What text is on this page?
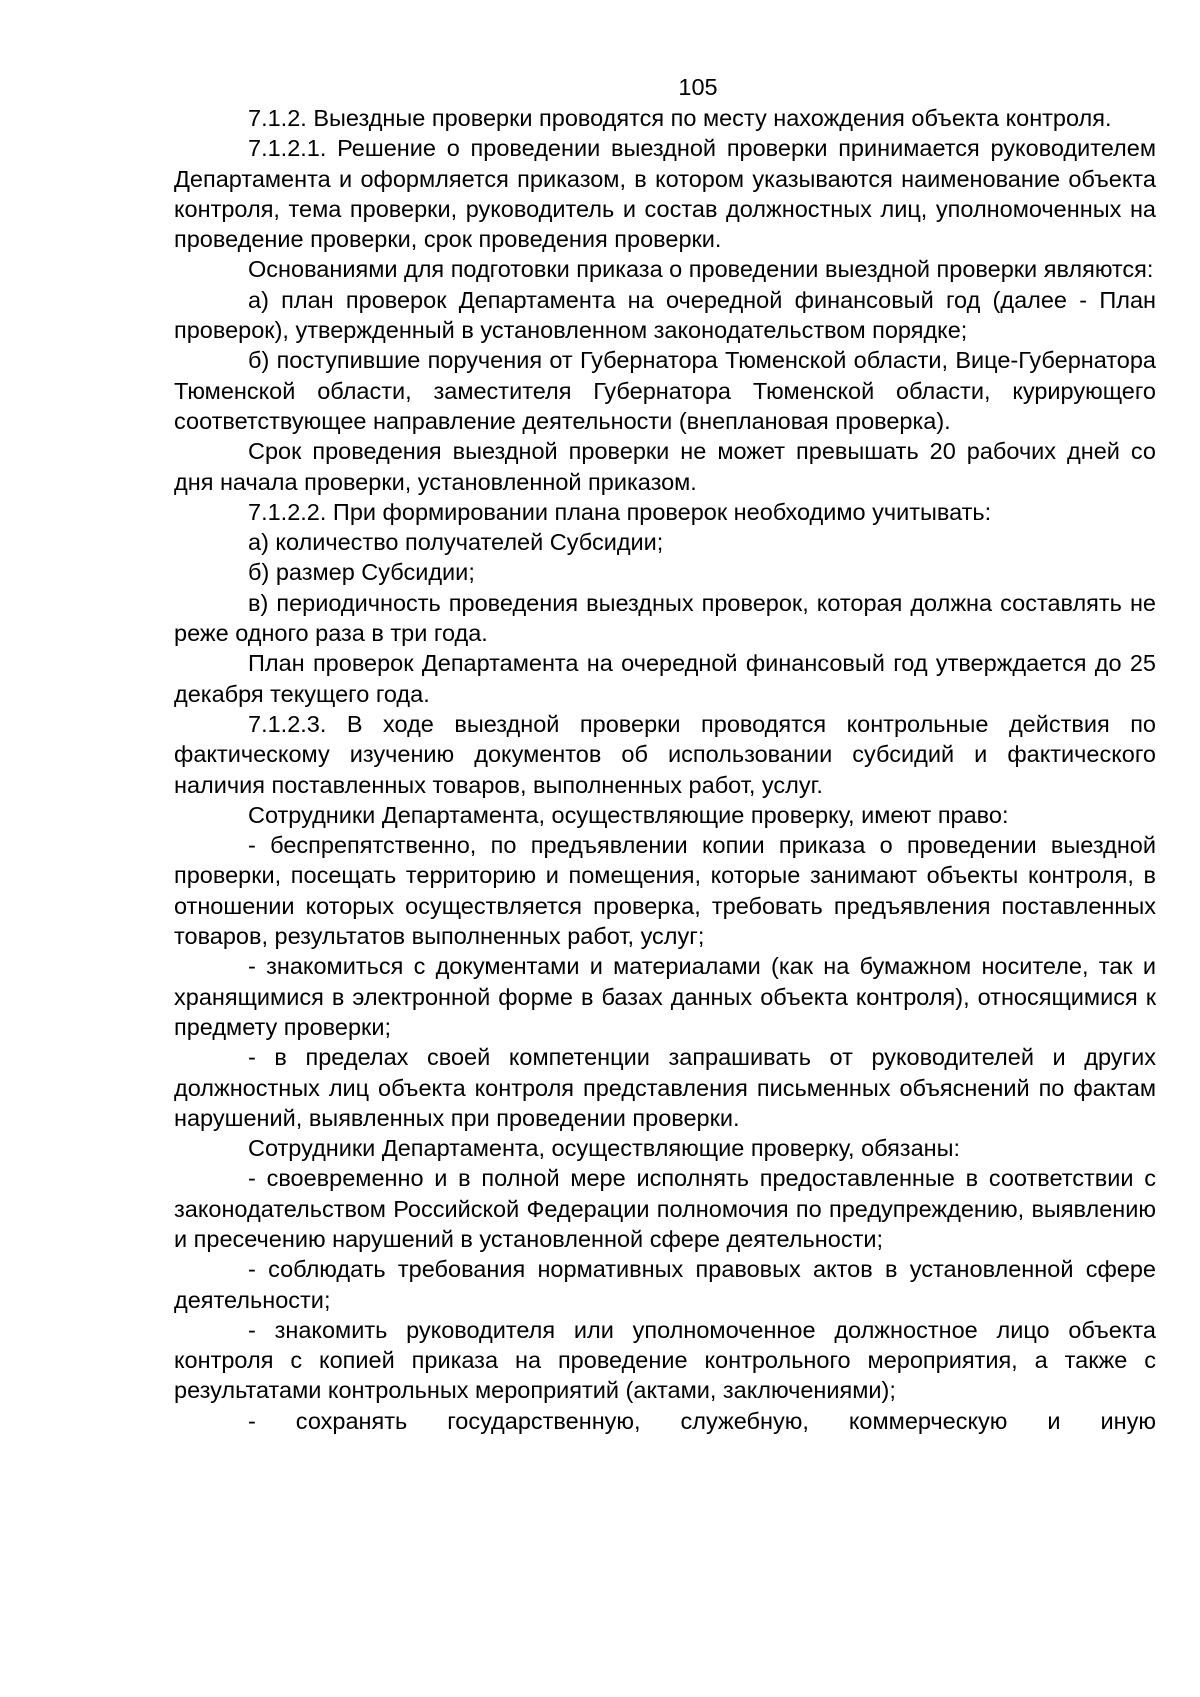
105

7.1.2. Выездные проверки проводятся по месту нахождения объекта контроля.

7.1.2.1. Решение о проведении выездной проверки принимается руководителем Департамента и оформляется приказом, в котором указываются наименование объекта контроля, тема проверки, руководитель и состав должностных лиц, уполномоченных на проведение проверки, срок проведения проверки.

Основаниями для подготовки приказа о проведении выездной проверки являются:

а) план проверок Департамента на очередной финансовый год (далее - План проверок), утвержденный в установленном законодательством порядке;

б) поступившие поручения от Губернатора Тюменской области, Вице-Губернатора Тюменской области, заместителя Губернатора Тюменской области, курирующего соответствующее направление деятельности (внеплановая проверка).

Срок проведения выездной проверки не может превышать 20 рабочих дней со дня начала проверки, установленной приказом.

7.1.2.2. При формировании плана проверок необходимо учитывать:

а) количество получателей Субсидии;

б) размер Субсидии;

в) периодичность проведения выездных проверок, которая должна составлять не реже одного раза в три года.

План проверок Департамента на очередной финансовый год утверждается до 25 декабря текущего года.

7.1.2.3. В ходе выездной проверки проводятся контрольные действия по фактическому изучению документов об использовании субсидий и фактического наличия поставленных товаров, выполненных работ, услуг.

Сотрудники Департамента, осуществляющие проверку, имеют право:

- беспрепятственно, по предъявлении копии приказа о проведении выездной проверки, посещать территорию и помещения, которые занимают объекты контроля, в отношении которых осуществляется проверка, требовать предъявления поставленных товаров, результатов выполненных работ, услуг;

- знакомиться с документами и материалами (как на бумажном носителе, так и хранящимися в электронной форме в базах данных объекта контроля), относящимися к предмету проверки;

- в пределах своей компетенции запрашивать от руководителей и других должностных лиц объекта контроля представления письменных объяснений по фактам нарушений, выявленных при проведении проверки.

Сотрудники Департамента, осуществляющие проверку, обязаны:

- своевременно и в полной мере исполнять предоставленные в соответствии с законодательством Российской Федерации полномочия по предупреждению, выявлению и пресечению нарушений в установленной сфере деятельности;

- соблюдать требования нормативных правовых актов в установленной сфере деятельности;

- знакомить руководителя или уполномоченное должностное лицо объекта контроля с копией приказа на проведение контрольного мероприятия, а также с результатами контрольных мероприятий (актами, заключениями);

- сохранять государственную, служебную, коммерческую и иную
